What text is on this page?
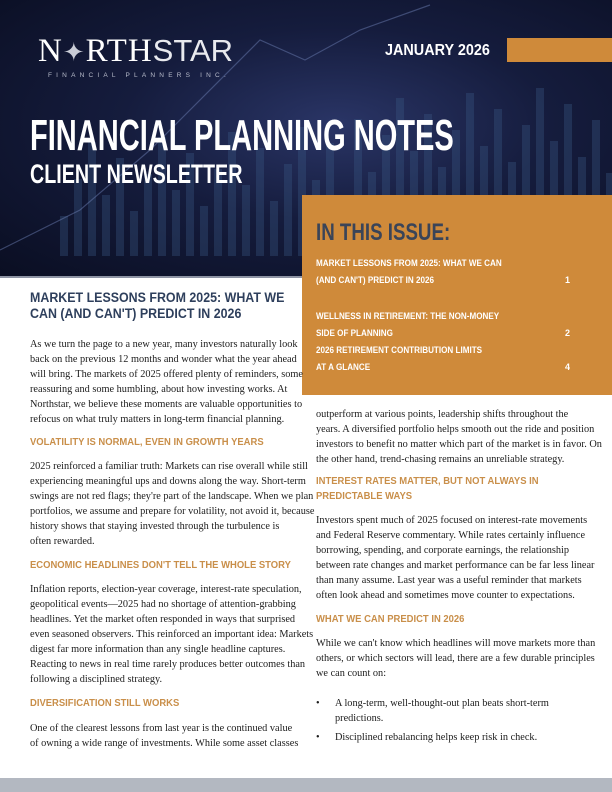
N✦RTHSTAR
FINANCIAL PLANNERS INC.
JANUARY 2026
FINANCIAL PLANNING NOTES
CLIENT NEWSLETTER
IN THIS ISSUE:
MARKET LESSONS FROM 2025: WHAT WE CAN
(AND CAN'T) PREDICT IN 2026	1
WELLNESS IN RETIREMENT: THE NON-MONEY
SIDE OF PLANNING	2
2026 RETIREMENT CONTRIBUTION LIMITS
AT A GLANCE	4
MARKET LESSONS FROM 2025: WHAT WE
CAN (AND CAN'T) PREDICT IN 2026
As we turn the page to a new year, many investors naturally look
back on the previous 12 months and wonder what the year ahead
will bring. The markets of 2025 offered plenty of reminders, some
reassuring and some humbling, about how investing works. At
Northstar, we believe these moments are valuable opportunities to
refocus on what truly matters in long-term financial planning.
VOLATILITY IS NORMAL, EVEN IN GROWTH YEARS
2025 reinforced a familiar truth: Markets can rise overall while still
experiencing meaningful ups and downs along the way. Short-term
swings are not red flags; they're part of the landscape. When we plan
portfolios, we assume and prepare for volatility, not avoid it, because
history shows that staying invested through the turbulence is
often rewarded.
ECONOMIC HEADLINES DON'T TELL THE WHOLE STORY
Inflation reports, election-year coverage, interest-rate speculation,
geopolitical events—2025 had no shortage of attention-grabbing
headlines. Yet the market often responded in ways that surprised
even seasoned observers. This reinforced an important idea: Markets
digest far more information than any single headline captures.
Reacting to news in real time rarely produces better outcomes than
following a disciplined strategy.
DIVERSIFICATION STILL WORKS
One of the clearest lessons from last year is the continued value
of owning a wide range of investments. While some asset classes
outperform at various points, leadership shifts throughout the
years. A diversified portfolio helps smooth out the ride and position
investors to benefit no matter which part of the market is in favor. On
the other hand, trend-chasing remains an unreliable strategy.
INTEREST RATES MATTER, BUT NOT ALWAYS IN
PREDICTABLE WAYS
Investors spent much of 2025 focused on interest-rate movements
and Federal Reserve commentary. While rates certainly influence
borrowing, spending, and corporate earnings, the relationship
between rate changes and market performance can be far less linear
than many assume. Last year was a useful reminder that markets
often look ahead and sometimes move counter to expectations.
WHAT WE CAN PREDICT IN 2026
While we can't know which headlines will move markets more than
others, or which sectors will lead, there are a few durable principles
we can count on:
• A long-term, well-thought-out plan beats short-term
predictions.
• Disciplined rebalancing helps keep risk in check.
